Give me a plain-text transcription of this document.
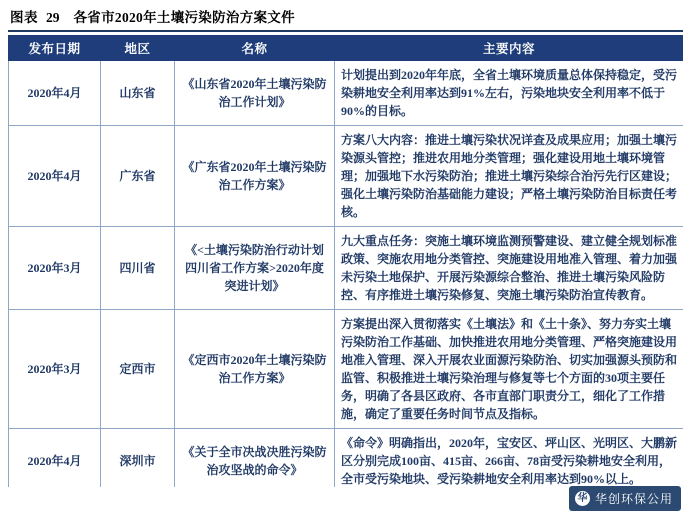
图表 29 各省市2020年土壤污染防治方案文件
发布日期	地区	名称	主要内容
2020年4月	山东省	《山东省2020年土壤污染防治工作计划》	计划提出到2020年年底，全省土壤环境质量总体保持稳定，受污染耕地安全利用率达到91%左右，污染地块安全利用率不低于90%的目标。
2020年4月	广东省	《广东省2020年土壤污染防治工作方案》	方案八大内容：推进土壤污染状况详查及成果应用；加强土壤污染源头管控；推进农用地分类管理；强化建设用地土壤环境管理；加强地下水污染防治；推进土壤污染综合治污先行区建设；强化土壤污染防治基础能力建设；严格土壤污染防治目标责任考核。
2020年3月	四川省	《<土壤污染防治行动计划四川省工作方案>2020年度突进计划》	九大重点任务：突施土壤环境监测预警建设、建立健全规划标准政策、突施农用地分类管控、突施建设用地准入管理、着力加强未污染土地保护、开展污染源综合整治、推进土壤污染风险防控、有序推进土壤污染修复、突施土壤污染防治宣传教育。
2020年3月	定西市	《定西市2020年土壤污染防治工作方案》	方案提出深入贯彻落实《土壤法》和《土十条》、努力夯实土壤污染防治工作基础、加快推进农用地分类管理、严格突施建设用地准入管理、深入开展农业面源污染防治、切实加强源头预防和监管、积极推进土壤污染治理与修复等七个方面的30项主要任务，明确了各县区政府、各市直部门职责分工，细化了工作措施，确定了重要任务时间节点及指标。
2020年4月	深圳市	《关于全市决战决胜污染防治攻坚战的命令》	《命令》明确指出，2020年，宝安区、坪山区、光明区、大鹏新区分别完成100亩、415亩、266亩、78亩受污染耕地安全利用，全市受污染地块、受污染耕地安全利用率达到90%以上。
华 华创环保公用
